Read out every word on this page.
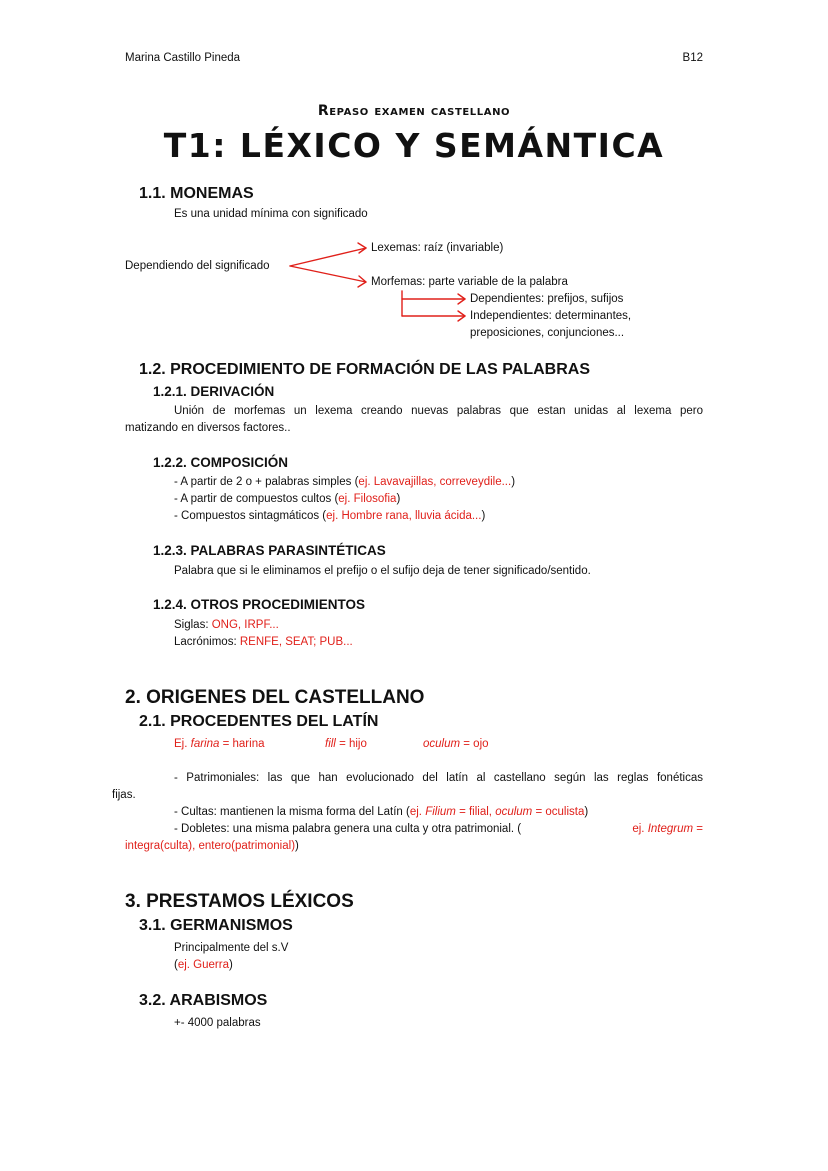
Marina Castillo Pineda	B12
Repaso examen castellano
T1: LÉXICO Y SEMÁNTICA
1.1. MONEMAS
Es una unidad mínima con significado
Dependiendo del significado
Lexemas: raíz (invariable)
Morfemas: parte variable de la palabra
Dependientes: prefijos, sufijos
Independientes: determinantes,
preposiciones, conjunciones...
1.2. PROCEDIMIENTO DE FORMACIÓN DE LAS PALABRAS
1.2.1. DERIVACIÓN
Unión de morfemas un lexema creando nuevas palabras que estan unidas al lexema pero
matizando en diversos factores..
1.2.2. COMPOSICIÓN
- A partir de 2 o + palabras simples (ej. Lavavajillas, correveydile...)
- A partir de compuestos cultos (ej. Filosofia)
- Compuestos sintagmáticos (ej. Hombre rana, lluvia ácida...)
1.2.3. PALABRAS PARASINTÉTICAS
Palabra que si le eliminamos el prefijo o el sufijo deja de tener significado/sentido.
1.2.4. OTROS PROCEDIMIENTOS
Siglas: ONG, IRPF...
Lacrónimos: RENFE, SEAT; PUB...
2. ORIGENES DEL CASTELLANO
2.1. PROCEDENTES DEL LATÍN
Ej. farina = harina	fill = hijo	oculum = ojo
- Patrimoniales: las que han evolucionado del latín al castellano según las reglas fonéticas
fijas.
- Cultas: mantienen la misma forma del Latín (ej. Filium = filial, oculum = oculista)
- Dobletes: una misma palabra genera una culta y otra patrimonial. (	ej. Integrum =
integra(culta), entero(patrimonial))
3. PRESTAMOS LÉXICOS
3.1. GERMANISMOS
Principalmente del s.V
(ej. Guerra)
3.2. ARABISMOS
+- 4000 palabras
